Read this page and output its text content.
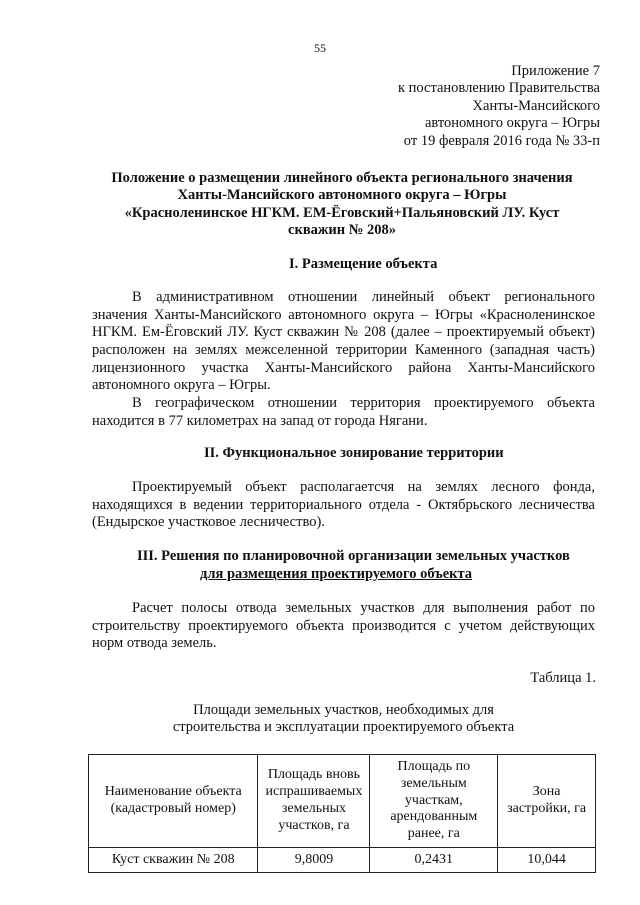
55
Приложение 7
к постановлению Правительства
Ханты-Мансийского
автономного округа – Югры
от 19 февраля 2016 года № 33-п
Положение о размещении линейного объекта регионального значения
Ханты-Мансийского автономного округа – Югры
«Красноленинское НГКМ. ЕМ-Ёговский+Пальяновский ЛУ. Куст
скважин № 208»
I. Размещение объекта

В административном отношении линейный объект регионального значения Ханты-Мансийского автономного округа – Югры «Красноленинское НГКМ. Ем-Ёговский ЛУ. Куст скважин № 208 (далее – проектируемый объект) расположен на землях межселенной территории Каменного (западная часть) лицензионного участка Ханты-Мансийского района Ханты-Мансийского автономного округа – Югры.

В географическом отношении территория проектируемого объекта находится в 77 километрах на запад от города Нягани.

II. Функциональное зонирование территории

Проектируемый объект располагаетсчя на землях лесного фонда, находящихся в ведении территориального отдела - Октябрьского лесничества (Ендырское участковое лесничество).

III. Решения по планировочной организации земельных участков
для размещения проектируемого объекта

Расчет полосы отвода земельных участков для выполнения работ по строительству проектируемого объекта производится с учетом действующих норм отвода земель.

Таблица 1.
Площади земельных участков, необходимых для
строительства и эксплуатации проектируемого объекта
Наименование объекта (кадастровый номер)	Площадь вновь испрашиваемых земельных участков, га	Площадь по земельным участкам, арендованным ранее, га	Зона застройки, га
Куст скважин № 208	9,8009	0,2431	10,044
